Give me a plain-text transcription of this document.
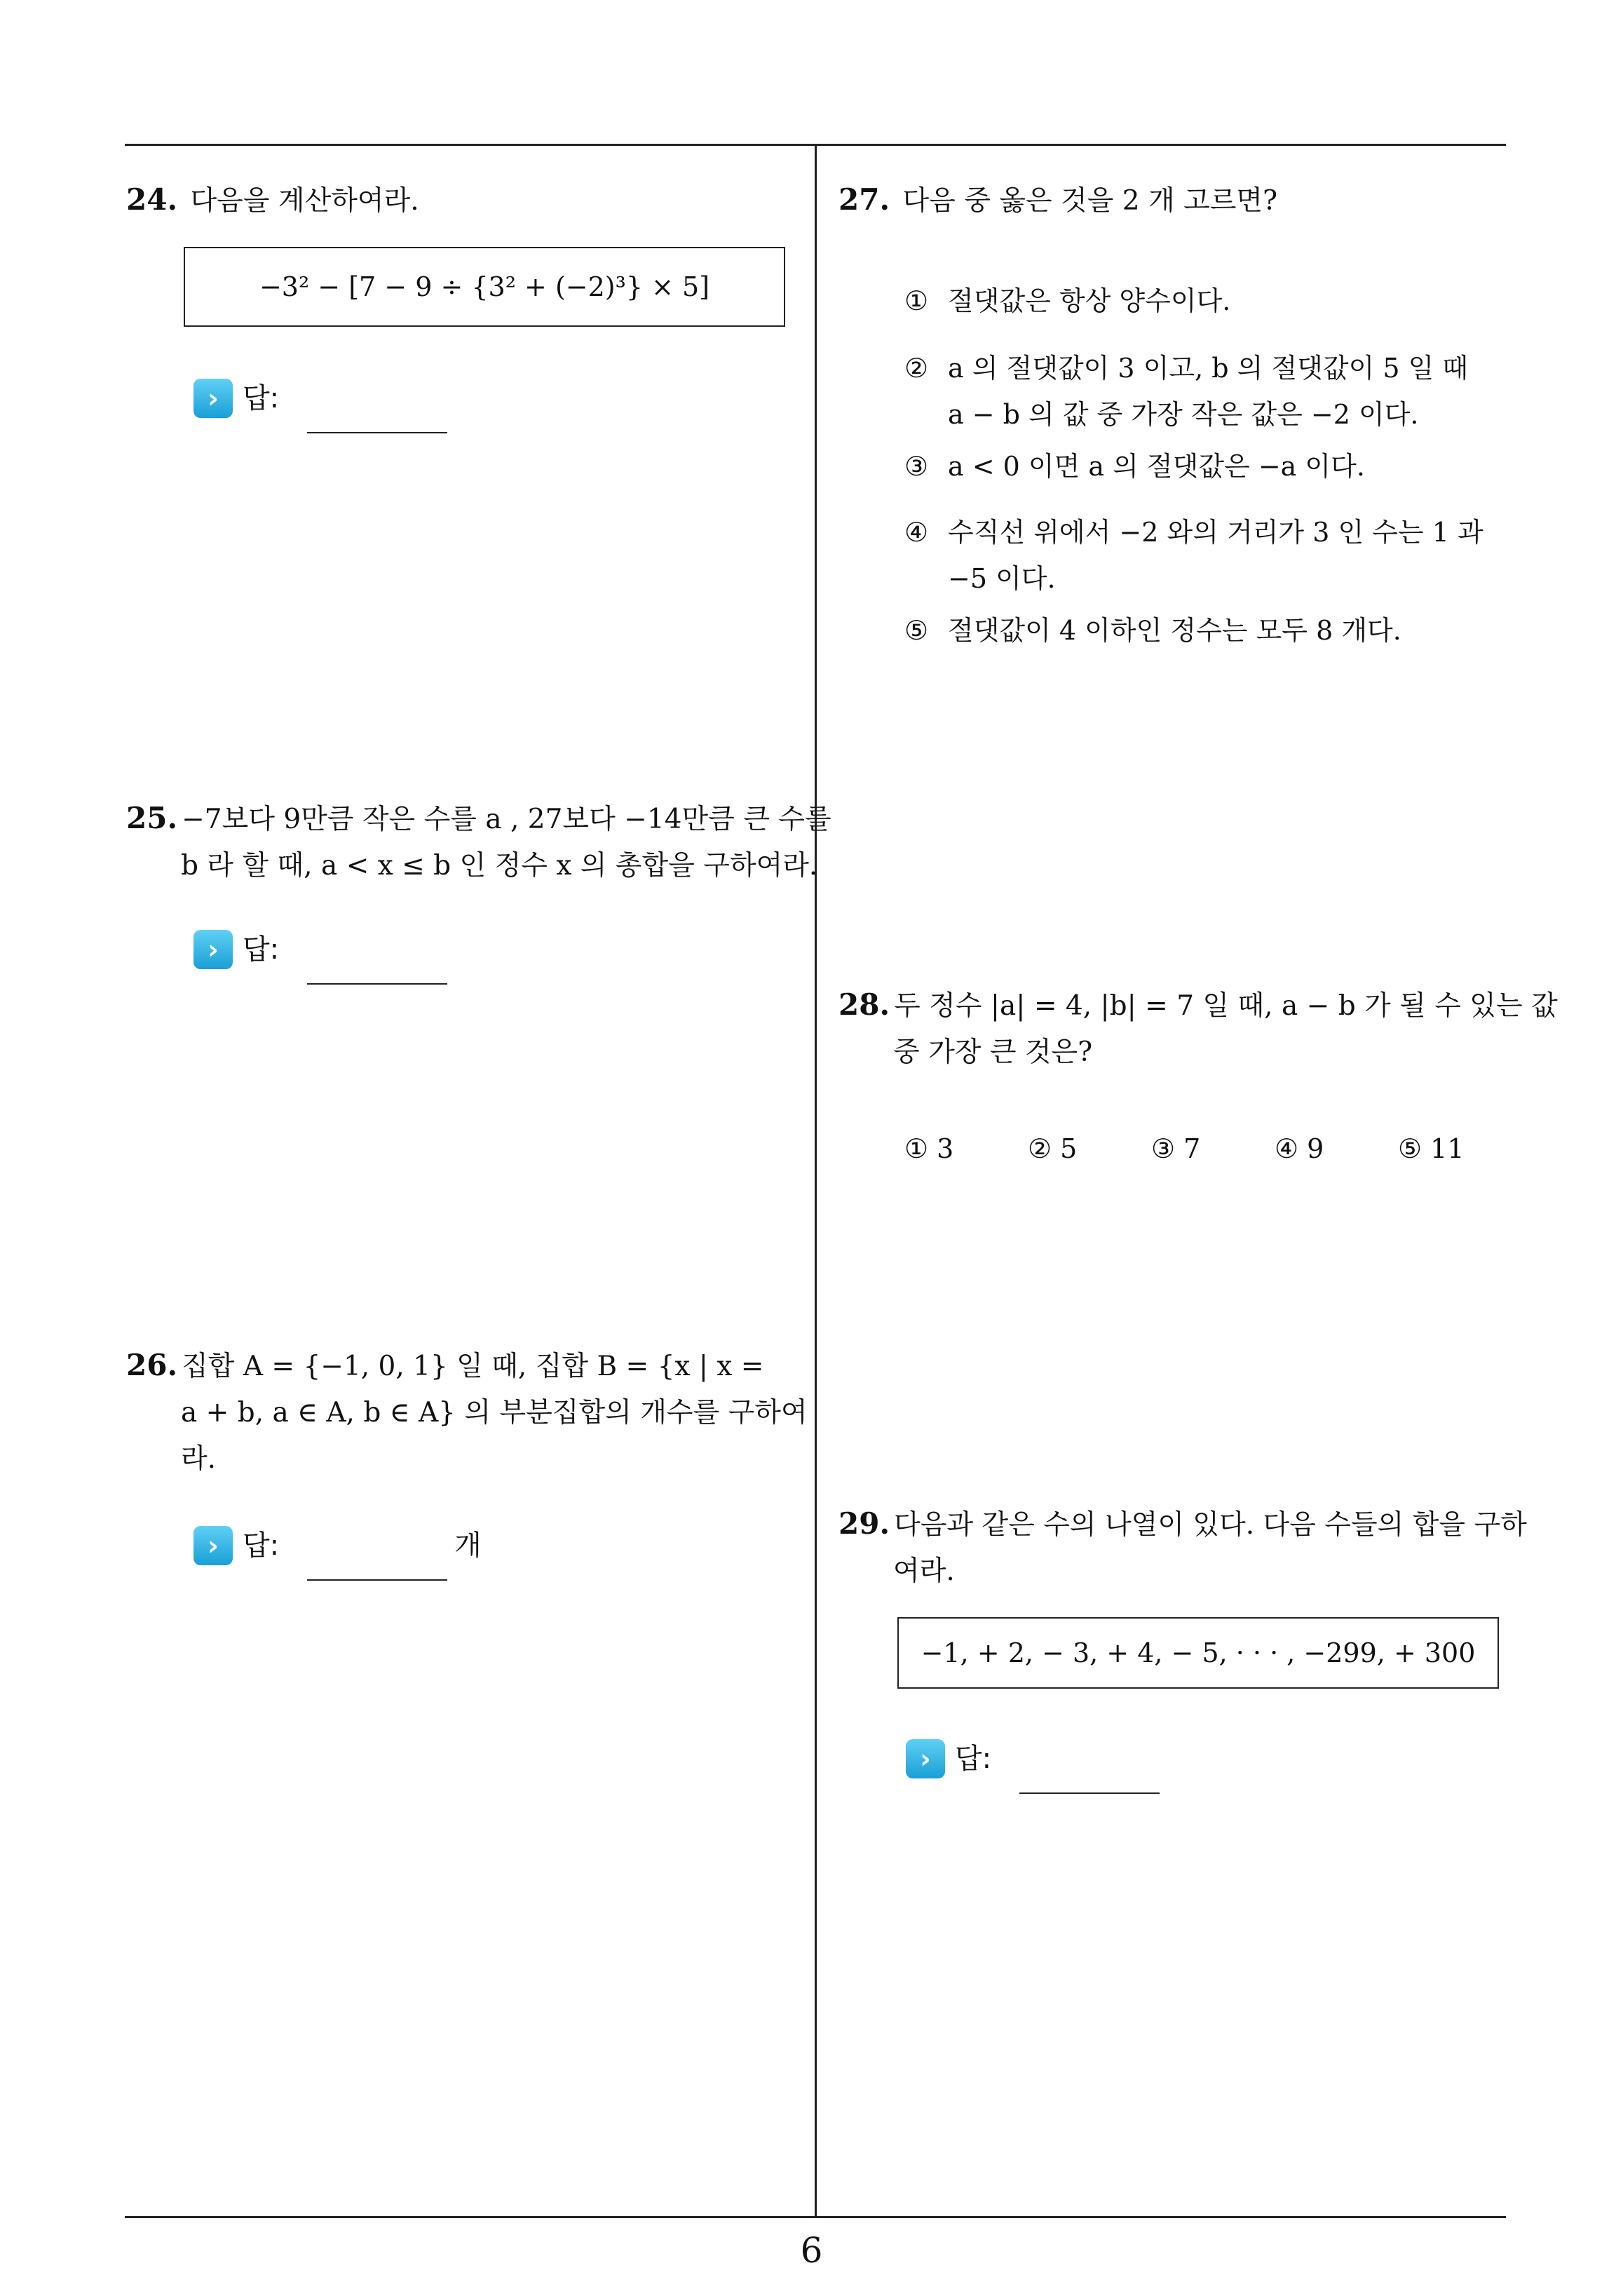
24. 다음을 계산하여라.
−3² − [7 − 9 ÷ {3² + (−2)³} × 5]
› 답:
25. −7보다 9만큼 작은 수를 a , 27보다 −14만큼 큰 수를
b 라 할 때, a < x ≤ b 인 정수 x 의 총합을 구하여라.
› 답:
26. 집합 A = {−1, 0, 1} 일 때, 집합 B = {x | x =
a + b, a ∈ A, b ∈ A} 의 부분집합의 개수를 구하여
라.
› 답:	개
27. 다음 중 옳은 것을 2 개 고르면?
① 절댓값은 항상 양수이다.
② a 의 절댓값이 3 이고, b 의 절댓값이 5 일 때
a − b 의 값 중 가장 작은 값은 −2 이다.
③ a < 0 이면 a 의 절댓값은 −a 이다.
④ 수직선 위에서 −2 와의 거리가 3 인 수는 1 과
−5 이다.
⑤ 절댓값이 4 이하인 정수는 모두 8 개다.
28. 두 정수 |a| = 4, |b| = 7 일 때, a − b 가 될 수 있는 값
중 가장 큰 것은?
① 3	② 5	③ 7	④ 9	⑤ 11
29. 다음과 같은 수의 나열이 있다. 다음 수들의 합을 구하
여라.
−1, + 2, − 3, + 4, − 5, · · · , −299, + 300
› 답:
6
